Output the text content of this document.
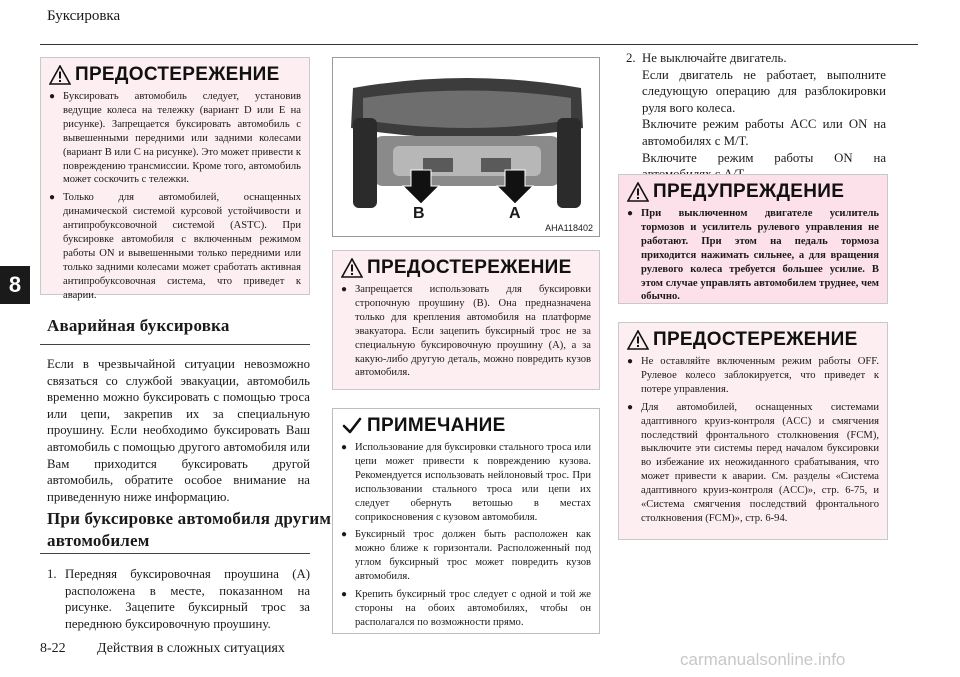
Буксировка
8
ПРЕДОСТЕРЕЖЕНИЕ
● Буксировать автомобиль следует, установив ведущие колеса на тележку (вариант D или E на рисунке). Запрещается буксировать автомобиль с вывешенными передними или задними колесами (вариант B или C на рисунке). Это может привести к повреждению трансмиссии. Кроме того, автомобиль может соскочить с тележки.
● Только для автомобилей, оснащенных динамической системой курсовой устойчивости и антипробуксовочной системой (ASTC). При буксировке автомобиля с включенным режимом работы ON и вывешенными только передними или только задними колесами может сработать активная антипробуксовочная система, что приведет к аварии.
Аварийная буксировка
Если в чрезвычайной ситуации невозможно связаться со службой эвакуации, автомобиль временно можно буксировать с помощью троса или цепи, закрепив их за специальную проушину. Если необходимо буксировать Ваш автомобиль с помощью другого автомобиля или Вам приходится буксировать другой автомобиль, обратите особое внимание на приведенную ниже информацию.
При буксировке автомобиля другим
автомобилем
1. Передняя буксировочная проушина (A) расположена в месте, показанном на рисунке. Зацепите буксирный трос за переднюю буксировочную проушину.
B	A
AHA118402
ПРЕДОСТЕРЕЖЕНИЕ
● Запрещается использовать для буксировки стропочную проушину (B). Она предназначена только для крепления автомобиля на платформе эвакуатора. Если зацепить буксирный трос не за специальную буксировочную проушину (A), а за какую-либо другую деталь, можно повредить кузов автомобиля.
ПРИМЕЧАНИЕ
● Использование для буксировки стального троса или цепи может привести к повреждению кузова. Рекомендуется использовать нейлоновый трос. При использовании стального троса или цепи их следует обернуть ветошью в местах соприкосновения с кузовом автомобиля.
● Буксирный трос должен быть расположен как можно ближе к горизонтали. Расположенный под углом буксирный трос может повредить кузов автомобиля.
● Крепить буксирный трос следует с одной и той же стороны на обоих автомобилях, чтобы он располагался по возможности прямо.
2. Не выключайте двигатель.
Если двигатель не работает, выполните следующую операцию для разблокировки руля вого колеса.
Включите режим работы ACC или ON на автомобилях с M/T.
Включите режим работы ON на
ПРЕДУПРЕЖДЕНИЕ
● При выключенном двигателе усилитель тормозов и усилитель рулевого управления не работают. При этом на педаль тормоза приходится нажимать сильнее, а для вращения рулевого колеса требуется большее усилие. В этом случае управлять автомобилем труднее, чем обычно.
ПРЕДОСТЕРЕЖЕНИЕ
● Не оставляйте включенным режим работы OFF. Рулевое колесо заблокируется, что приведет к потере управления.
● Для автомобилей, оснащенных системами адаптивного круиз-контроля (ACC) и смягчения последствий фронтального столкновения (FCM), выключите эти системы перед началом буксировки во избежание их неожиданного срабатывания, что может привести к аварии. См. разделы «Система адаптивного круиз-контроля (ACC)», стр. 6-75, и «Система смягчения последствий фронтального столкновения (FCM)», стр. 6-94.
8-22 Действия в сложных ситуациях
carmanualsonline.info
